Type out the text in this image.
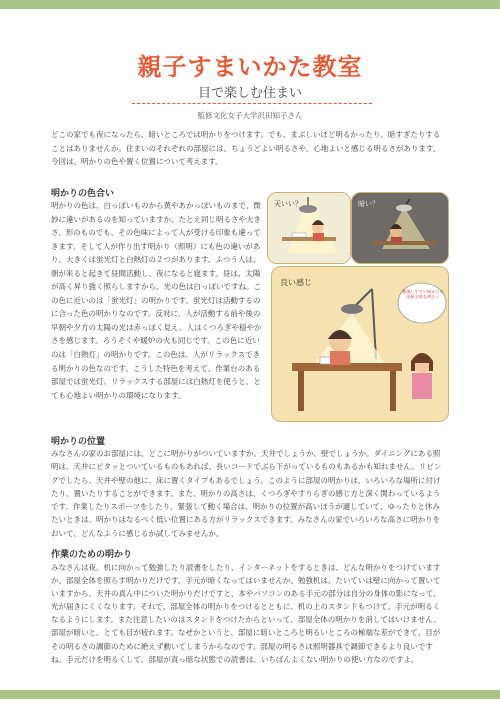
親子すまいかた教室
目で楽しむ住まい
監修文化女子大学沢田知子さん

どこの家でも夜になったら、暗いところでは明かりをつけます。でも、まぶしいほど明るかったり、暗すぎたりすることはありませんか。住まいのそれぞれの部屋には、ちょうどよい明るさや、心地よいと感じる明るさがあります。今回は、明かりの色や置く位置について考えます。

明かりの色合い

明かりの色は、白っぽいものから黄やあかっぽいものまで、微妙に違いがあるのを知っていますか。たとえ同じ明るさや大きさ、形のものでも、その色味によって人が受ける印象も違ってきます。そして人が作り出す明かり（照明）にも色の違いがあり、大きくは蛍光灯と白熱灯の２つがあります。ふつう人は、朝が来ると起きて昼間活動し、夜になると寝ます。昼は、太陽が高く昇り強く照らしますから、光の色は白っぽいですね。この色に近いのは「蛍光灯」の明かりです。蛍光灯は活動するのに合った色の明かりなのです。反対に、人が活動する前や後の早朝や夕方の太陽の光は赤っぽく見え、人はくつろぎや穏やかさを感じます。ろうそくや暖炉の火も同じです。この色に近いのは「白熱灯」の明かりです。この色は、人がリラックスできる明かりの色なのです。こうした特色を考えて、作業台のある部屋では蛍光灯、リラックスする部屋には白熱灯を使うと、とても心地よい明かりの環境になります。

天いい？	暗い？
良い感じ
勉強しやすい明かりは部屋全体も明るく
明かりの位置

みなさんの家のお部屋には、どこに明かりがついていますか。天井でしょうか、壁でしょうか。ダイニングにある照明は、天井にピタッとついているものもあれば、長いコードでぶら下がっているものもあるかも知れません。リビングでしたら、天井や壁の他に、床に置くタイプもあるでしょう。このように部屋の明かりは、いろいろな場所に付けたり、置いたりすることができます。また、明かりの高さは、くつろぎやすりらぎの感じ方と深く関わっているようです。作業したりスポーツをしたり、緊張して動く場合は、明かりの位置が高いほうが適していて、ゆったりと休みたいときは、明かりはなるべく低い位置にある方がリラックスできます。みなさんの家でいろいろな高さに明かりをおいて、どんなふうに感じるか試してみませんか。

作業のための明かり

みなさんは夜、机に向かって勉強したり読書をしたり、インターネットをするときは、どんな明かりをつけていますか。部屋全体を照らす明かりだけです、手元が暗くなってはいませんか。勉強机は、たいていは壁に向かって置いていますから、天井の真ん中についた明かりだけですと、本やパソコンのある手元の部分は自分の身体の影になって、光が届きにくくなります。それで、部屋全体の明かりをつけるとともに、机の上のスタンドもつけて、手元が明るくなるようにします。また注意したいのはスタンドをつけたからといって、部屋全体の明かりを消してはいけません。部屋が暗いと、とても目が疲れます。なぜかというと、部屋に暗いところと明るいところの極端な差ができて、目がその明るさの調節のために絶えず動いてしまうからなのです。部屋の明るさは照明器具で調節できるより良いですね。手元だけを明るくして、部屋が真っ暗な状態での読書は、いちばんよくない明かりの使い方なのですよ。
